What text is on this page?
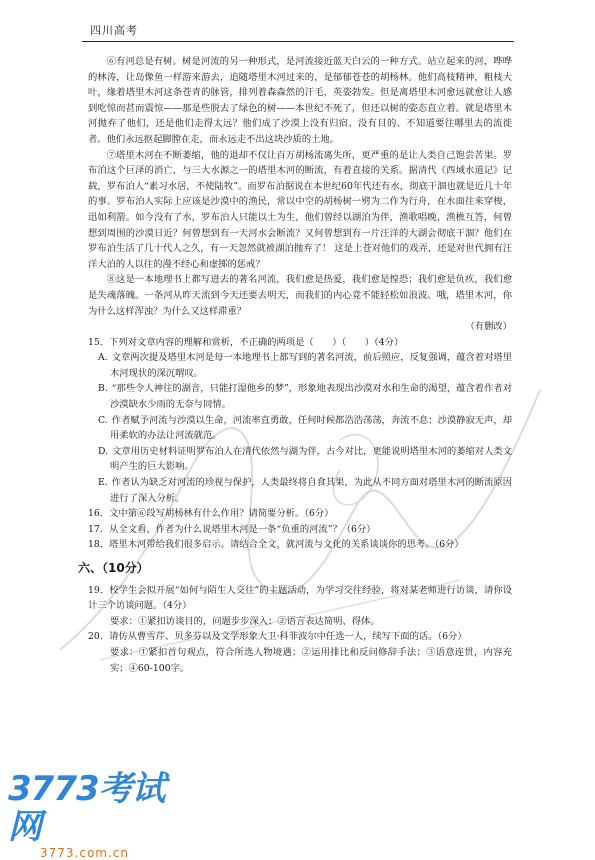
四川高考

⑥有河总是有树。树是河流的另一种形式，是河流接近蓝天白云的一种方式。站立起来的河，哗哗的林涛，让岛像鱼一样游来游去，追随塔里木河过来的，是郁郁苍苍的胡杨林。他们高枝精神，粗枝大叶，缘着塔里木河这条苍青的脉管，排列着森森然的汗毛，英姿勃发。但是离塔里木河愈远就愈让人感到吃惊而甚而震惊——那是些脱去了绿色的树——本世纪不死了，但还以树的姿态直立着。就是塔里木河抛弃了他们，还是他们走得太远？他们成了沙漠上没有归宿、没有目的、不知道要往哪里去的流徙者。他们永远抠起脚膛在走，而永远走不出这块沙质的土地。

⑦塔里木河在不断萎缩，他的退却不仅让百万胡杨流离失所，更严重的是让人类自己饱尝苦果。罗布泊这个巨泽的消亡，与三大水源之一的塔里木河的断流，有着直接的关系。据清代《西域水道记》记载，罗布泊人“素习水居，不使陆牧”。而罗布泊据说在本世纪60年代还有水，彻底干涸也就是近几十年的事。罗布泊人实际上应该是沙漠中的渔民，常以中空的胡杨树一劈为二作为行舟，在水面往来穿梭，迅如利箭。如今没有了水，罗布泊人只能以土为生，他们曾经以湖泊为伴，渔歌唱晚，渔樵互答，何曾想到周围的沙漠日近？何曾想到有一天河水会断流？又何曾想到有一片汪洋的大湖会彻底干涸？他们在罗布泊生活了几十代人之久，有一天忽然就被湖泊抛弃了！ 这是上苍对他们的戏弄，还是对世代拥有汪洋大泊的人以往的漫不经心和虚掷的惩戒？

⑧这是一本地理书上都写进去的著名河流，我们愈是热爱，我们愈是惶恐；我们愈是负疚，我们愈是失魂落魄。一条河从昨天流到今天还要去明天，而我们的内心竟不能轻松如浪波。哦，塔里木河，你为什么这样浑浊？为什么又这样滞重？

（有删改）

15．下列对文章内容的理解和赏析，不正确的两项是（　　）（　　）（4分）

A. 文章两次提及塔里木河是每一本地理书上都写到的著名河流，前后照应，反复强调，蕴含着对塔里木河现状的深沉喟叹。

B. “那些令人神往的湖音，只能打湿他乡的梦”，形象地表现出沙漠对水和生命的渴望，蕴含着作者对沙漠缺水少雨的无奈与同情。

C. 作者赋予河流与沙漠以生命，河流率直勇敢，任何时候都浩浩荡荡，奔流不息；沙漠静寂无声，却用柔软的办法让河流就范。

D. 文章用历史材料证明罗布泊人在清代依然与湖为伴，古今对比，更能说明塔里木河的萎缩对人类文明产生的巨大影响。

E. 作者认为缺乏对河流的珍视与保护，人类最终将自食其果，为此从不同方面对塔里木河的断流原因进行了深入分析。

16．文中第⑥段写胡杨林有什么作用？请简要分析。（6分）

17．从全文看，作者为什么说塔里木河是一条“负重的河流”？（6分）

18．塔里木河带给我们很多启示。请结合全文，就河流与文化的关系谈谈你的思考。（6分）

六、（10分）

19．校学生会拟开展“如何与陌生人交往”的主题活动，为学习交往经验，将对某老师进行访谈，请你设计三个访谈问题。（4分）

要求：①紧扣访谈目的，问题步步深入；②语言表达简明、得体。

20．请仿从曹雪芹、贝多芬以及文学形象大卫·科菲波尔中任选一人，续写下面的话。（6分）

要求：①紧扣首句观点，符合所选人物境遇；②运用排比和反问修辞手法；③语意连贯，内容充实；④60-100字。

3773考试网
3773.com.cn
